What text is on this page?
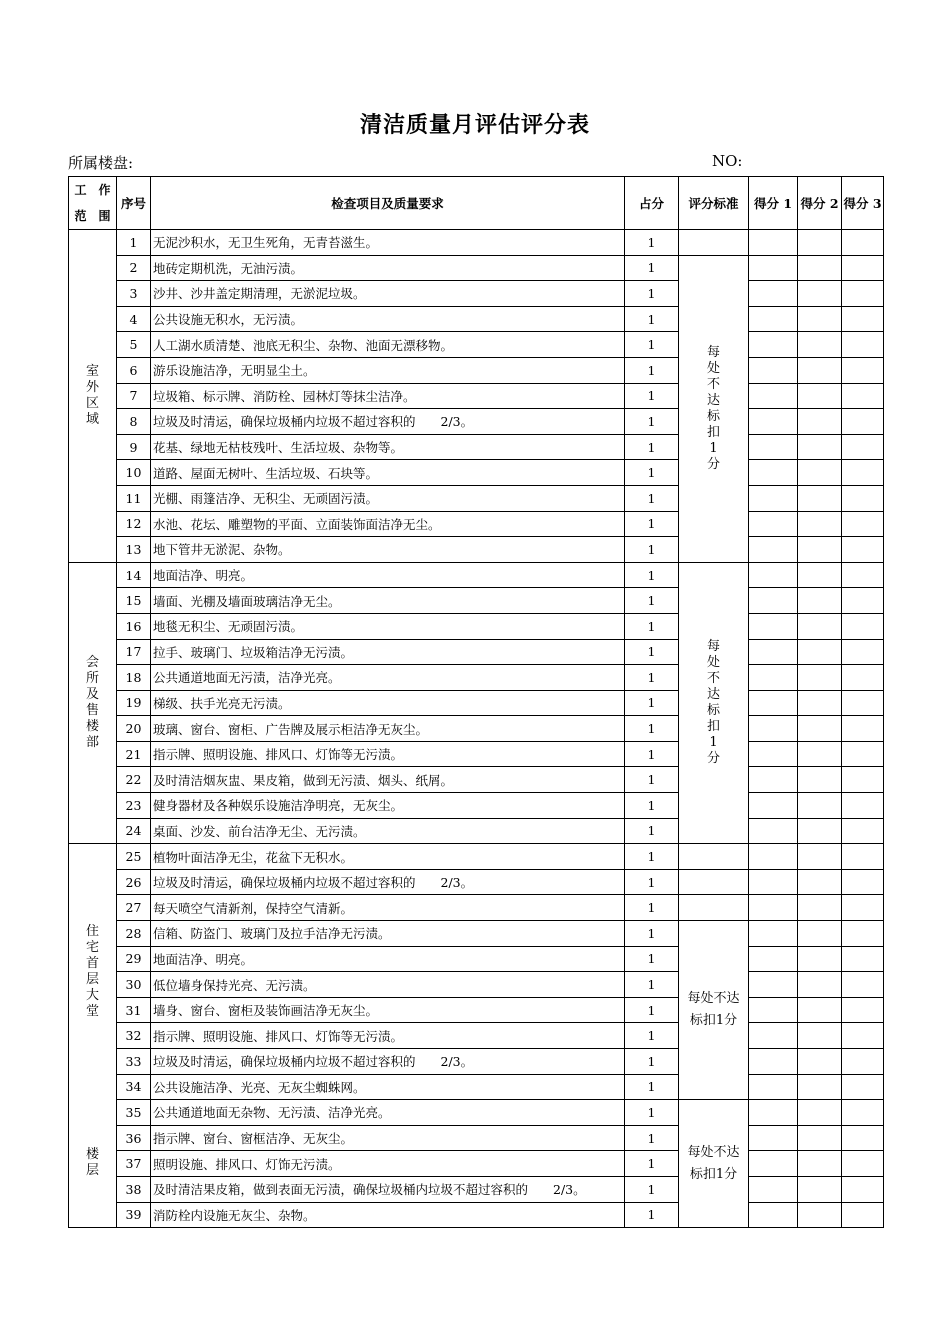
清洁质量月评估评分表
所属楼盘:	NO:
工　作
范　围	序号	检查项目及质量要求	占分	评分标准	得分 1	得分 2	得分 3
室外区域	1	无泥沙积水，无卫生死角，无青苔滋生。	1				
	2	地砖定期机洗，无油污渍。	1	每处不达标扣1分			
	3	沙井、沙井盖定期清理，无淤泥垃圾。	1				
	4	公共设施无积水，无污渍。	1				
	5	人工湖水质清楚、池底无积尘、杂物、池面无漂移物。	1				
	6	游乐设施洁净，无明显尘土。	1				
	7	垃圾箱、标示牌、消防栓、园林灯等抹尘洁净。	1				
	8	垃圾及时清运，确保垃圾桶内垃圾不超过容积的　　2/3。	1				
	9	花基、绿地无枯枝残叶、生活垃圾、杂物等。	1				
	10	道路、屋面无树叶、生活垃圾、石块等。	1				
	11	光棚、雨篷洁净、无积尘、无顽固污渍。	1				
	12	水池、花坛、雕塑物的平面、立面装饰面洁净无尘。	1				
	13	地下管井无淤泥、杂物。	1				
会所及售楼部	14	地面洁净、明亮。	1	每处不达标扣1分			
	15	墙面、光棚及墙面玻璃洁净无尘。	1				
	16	地毯无积尘、无顽固污渍。	1				
	17	拉手、玻璃门、垃圾箱洁净无污渍。	1				
	18	公共通道地面无污渍，洁净光亮。	1				
	19	梯级、扶手光亮无污渍。	1				
	20	玻璃、窗台、窗柜、广告牌及展示柜洁净无灰尘。	1				
	21	指示牌、照明设施、排风口、灯饰等无污渍。	1				
	22	及时清洁烟灰盅、果皮箱，做到无污渍、烟头、纸屑。	1				
	23	健身器材及各种娱乐设施洁净明亮，无灰尘。	1				
	24	桌面、沙发、前台洁净无尘、无污渍。	1				
住宅首层大堂	25	植物叶面洁净无尘，花盆下无积水。	1				
	26	垃圾及时清运，确保垃圾桶内垃圾不超过容积的　　2/3。	1				
	27	每天喷空气清新剂，保持空气清新。	1				
	28	信箱、防盗门、玻璃门及拉手洁净无污渍。	1	每处不达
标扣1分			

	29	地面洁净、明亮。	1				
	30	低位墙身保持光亮、无污渍。	1				
	31	墙身、窗台、窗柜及装饰画洁净无灰尘。	1				
	32	指示牌、照明设施、排风口、灯饰等无污渍。	1				
	33	垃圾及时清运，确保垃圾桶内垃圾不超过容积的　　2/3。	1				
	34	公共设施洁净、光亮、无灰尘蜘蛛网。	1				
楼层	35	公共通道地面无杂物、无污渍、洁净光亮。	1	每处不达
标扣1分			

	36	指示牌、窗台、窗框洁净、无灰尘。	1				
	37	照明设施、排风口、灯饰无污渍。	1				
	38	及时清洁果皮箱，做到表面无污渍，确保垃圾桶内垃圾不超过容积的　　2/3。	1				
	39	消防栓内设施无灰尘、杂物。	1				
